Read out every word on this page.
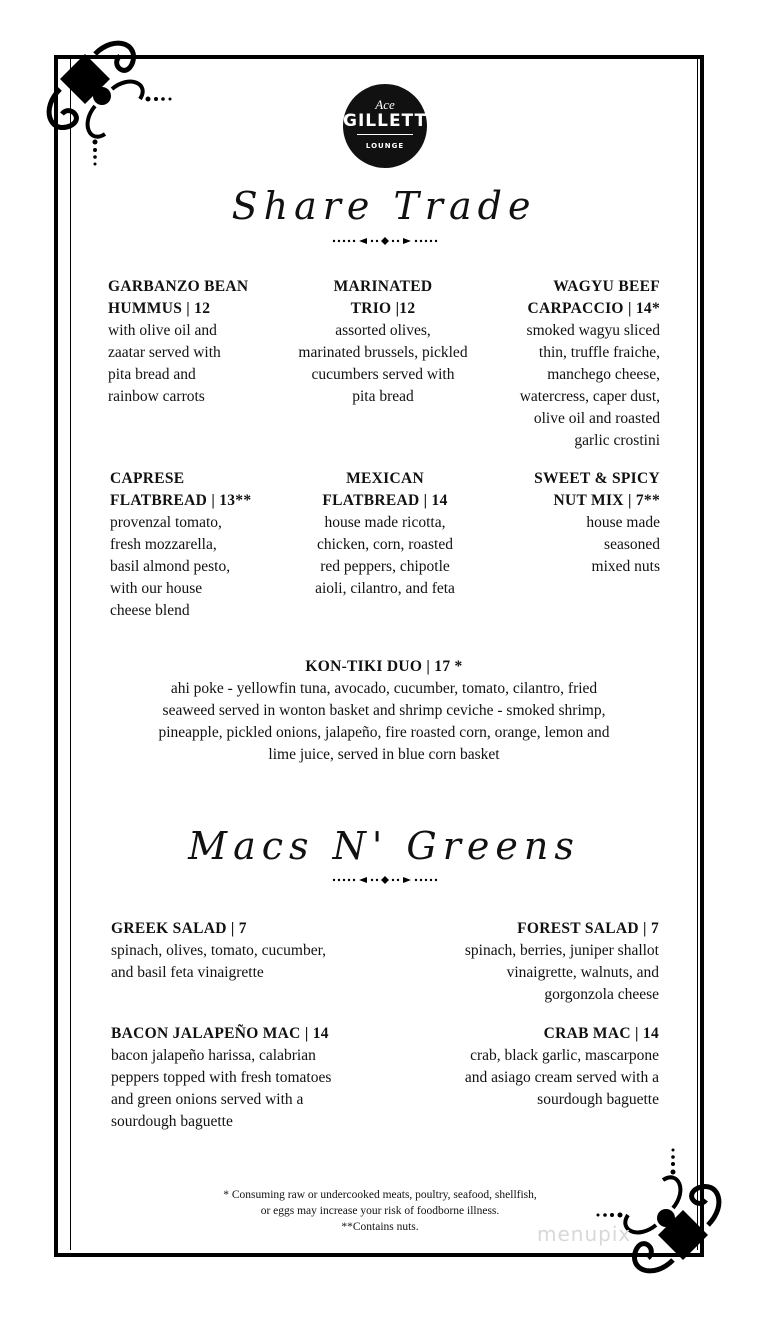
Ace
GILLETT'S
LOUNGE
Share Trade
GARBANZO BEAN
HUMMUS | 12
with olive oil and
zaatar served with
pita bread and
rainbow carrots
MARINATED
TRIO |12
assorted olives,
marinated brussels, pickled
cucumbers served with
pita bread
WAGYU BEEF
CARPACCIO | 14*
smoked wagyu sliced
thin, truffle fraiche,
manchego cheese,
watercress, caper dust,
olive oil and roasted
garlic crostini
CAPRESE
FLATBREAD | 13**
provenzal tomato,
fresh mozzarella,
basil almond pesto,
with our house
cheese blend
MEXICAN
FLATBREAD | 14
house made ricotta,
chicken, corn, roasted
red peppers, chipotle
aioli, cilantro, and feta
SWEET & SPICY
NUT MIX | 7**
house made
seasoned
mixed nuts
KON-TIKI DUO | 17 *
ahi poke - yellowfin tuna, avocado, cucumber, tomato, cilantro, fried
seaweed served in wonton basket and shrimp ceviche - smoked shrimp,
pineapple, pickled onions, jalapeño, fire roasted corn, orange, lemon and
lime juice, served in blue corn basket
Macs N' Greens
GREEK SALAD | 7
spinach, olives, tomato, cucumber,
and basil feta vinaigrette
FOREST SALAD | 7
spinach, berries, juniper shallot
vinaigrette, walnuts, and
gorgonzola cheese
BACON JALAPEÑO MAC | 14
bacon jalapeño harissa, calabrian
peppers topped with fresh tomatoes
and green onions served with a
sourdough baguette
CRAB MAC | 14
crab, black garlic, mascarpone
and asiago cream served with a
sourdough baguette
* Consuming raw or undercooked meats, poultry, seafood, shellfish,
or eggs may increase your risk of foodborne illness.
**Contains nuts.	menupix
